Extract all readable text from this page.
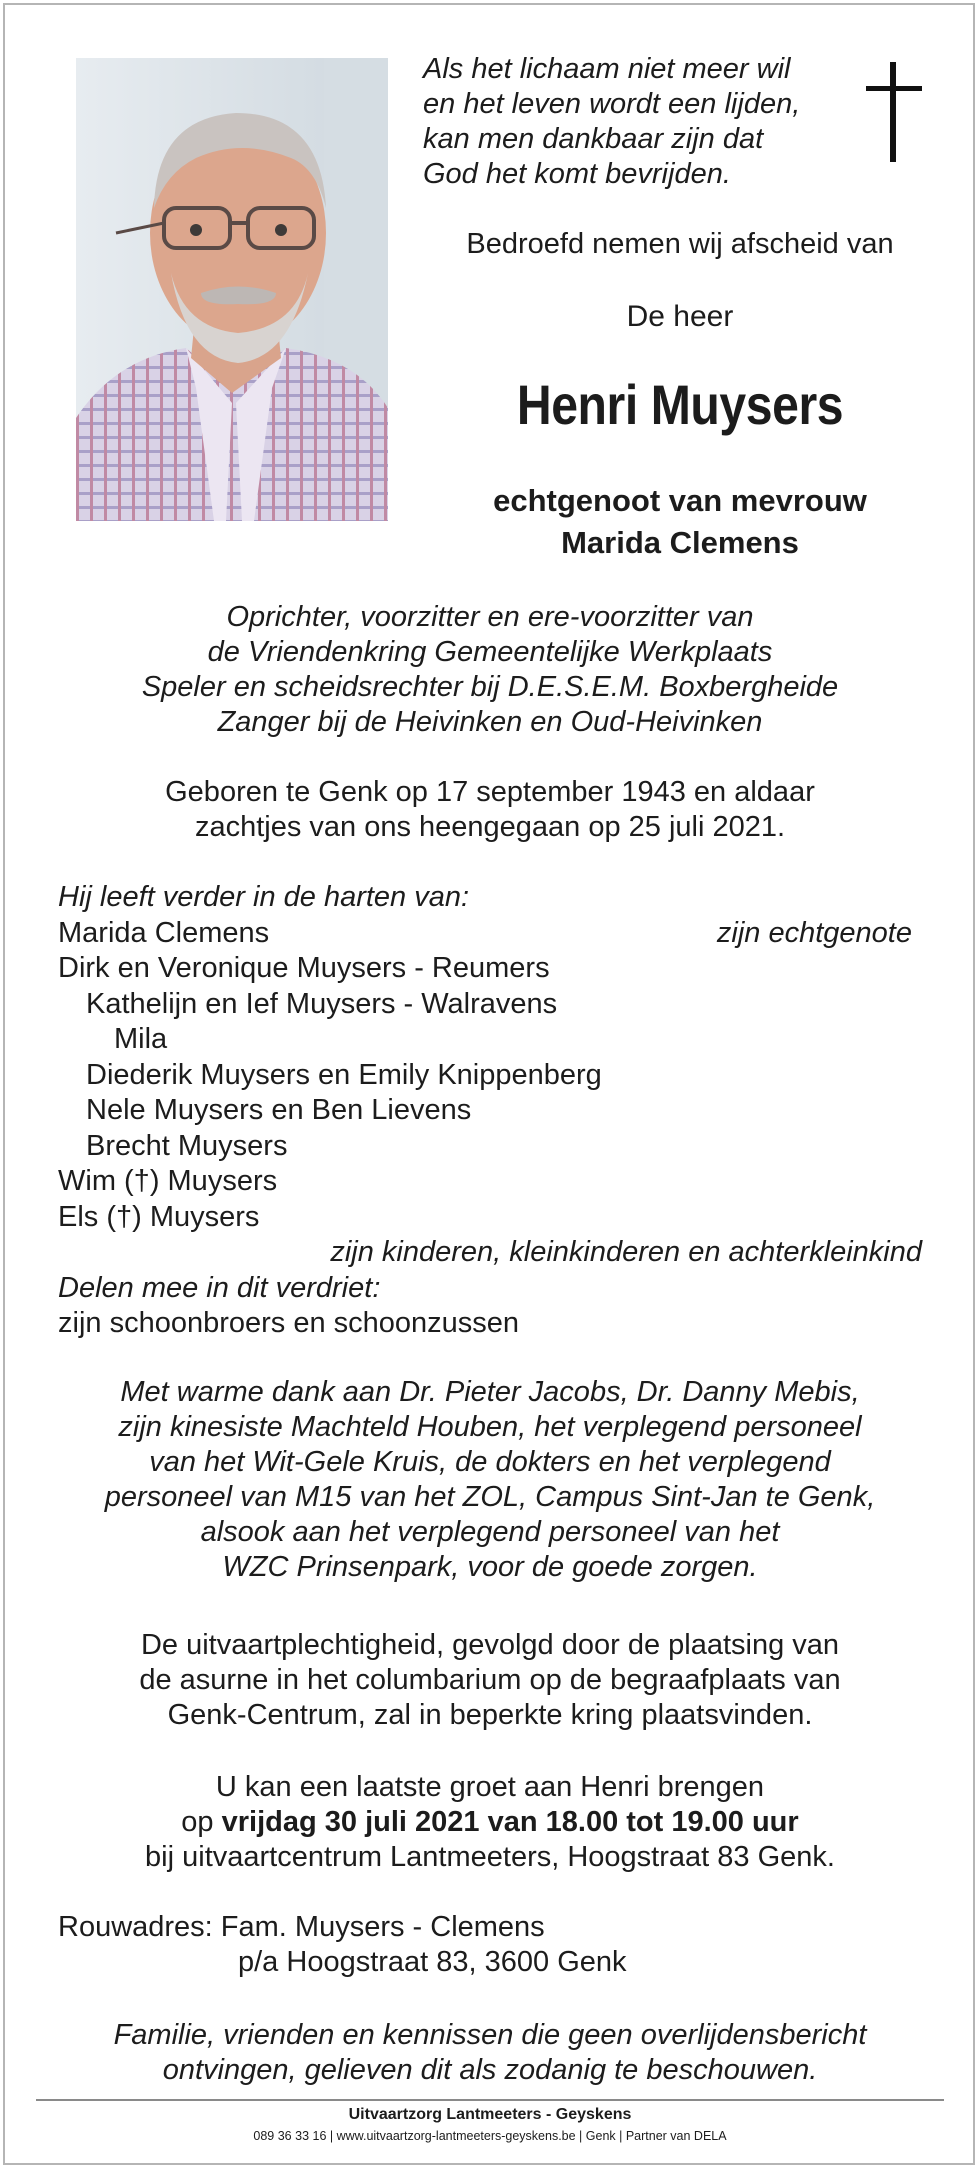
Als het lichaam niet meer wil
en het leven wordt een lijden,
kan men dankbaar zijn dat
God het komt bevrijden.
Bedroefd nemen wij afscheid van
De heer
Henri Muysers
echtgenoot van mevrouw
Marida Clemens
Oprichter, voorzitter en ere-voorzitter van
de Vriendenkring Gemeentelijke Werkplaats
Speler en scheidsrechter bij D.E.S.E.M. Boxbergheide
Zanger bij de Heivinken en Oud-Heivinken
Geboren te Genk op 17 september 1943 en aldaar
zachtjes van ons heengegaan op 25 juli 2021.
Hij leeft verder in de harten van:
Marida Clemens	zijn echtgenote
Dirk en Veronique Muysers - Reumers
Kathelijn en Ief Muysers - Walravens
Mila
Diederik Muysers en Emily Knippenberg
Nele Muysers en Ben Lievens
Brecht Muysers
Wim (†) Muysers
Els (†) Muysers
zijn kinderen, kleinkinderen en achterkleinkind
Delen mee in dit verdriet:
zijn schoonbroers en schoonzussen
Met warme dank aan Dr. Pieter Jacobs, Dr. Danny Mebis,
zijn kinesiste Machteld Houben, het verplegend personeel
van het Wit-Gele Kruis, de dokters en het verplegend
personeel van M15 van het ZOL, Campus Sint-Jan te Genk,
alsook aan het verplegend personeel van het
WZC Prinsenpark, voor de goede zorgen.
De uitvaartplechtigheid, gevolgd door de plaatsing van
de asurne in het columbarium op de begraafplaats van
Genk-Centrum, zal in beperkte kring plaatsvinden.
U kan een laatste groet aan Henri brengen
op vrijdag 30 juli 2021 van 18.00 tot 19.00 uur
bij uitvaartcentrum Lantmeeters, Hoogstraat 83 Genk.
Rouwadres: Fam. Muysers - Clemens
p/a Hoogstraat 83, 3600 Genk
Familie, vrienden en kennissen die geen overlijdensbericht
ontvingen, gelieven dit als zodanig te beschouwen.
Uitvaartzorg Lantmeeters - Geyskens
089 36 33 16 | www.uitvaartzorg-lantmeeters-geyskens.be | Genk | Partner van DELA
